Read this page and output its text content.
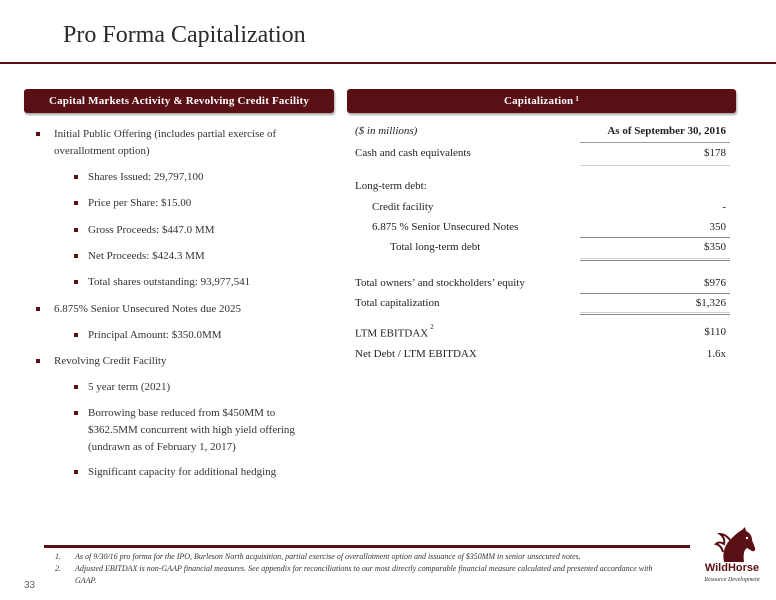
Pro Forma Capitalization
Capital Markets Activity & Revolving Credit Facility	Capitalization $^1$
Initial Public Offering (includes partial exercise of overallotment option)
Shares Issued: 29,797,100
Price per Share: $15.00
Gross Proceeds: $447.0 MM
Net Proceeds: $424.3 MM
Total shares outstanding: 93,977,541
6.875% Senior Unsecured Notes due 2025
Principal Amount: $350.0MM
Revolving Credit Facility
5 year term (2021)
Borrowing base reduced from $450MM to $362.5MM concurrent with high yield offering (undrawn as of February 1, 2017)
Significant capacity for additional hedging
($ in millions)	As of September 30, 2016
Cash and cash equivalents	$178
Long-term debt:
Credit facility	-
6.875 % Senior Unsecured Notes	350
Total long-term debt	$350
Total owners’ and stockholders’ equity	$976
Total capitalization	$1,326
LTM EBITDAX$^2$	$110
Net Debt / LTM EBITDAX	1.6x
1. As of 9/30/16 pro forma for the IPO, Burleson North acquisition, partial exercise of overallotment option and issuance of $350MM in senior unsecured notes.
2. Adjusted EBITDAX is non-GAAP financial measures. See appendix for reconciliations to our most directly comparable financial measure calculated and presented accordance with GAAP.
33
WildHorse
Resource Development
